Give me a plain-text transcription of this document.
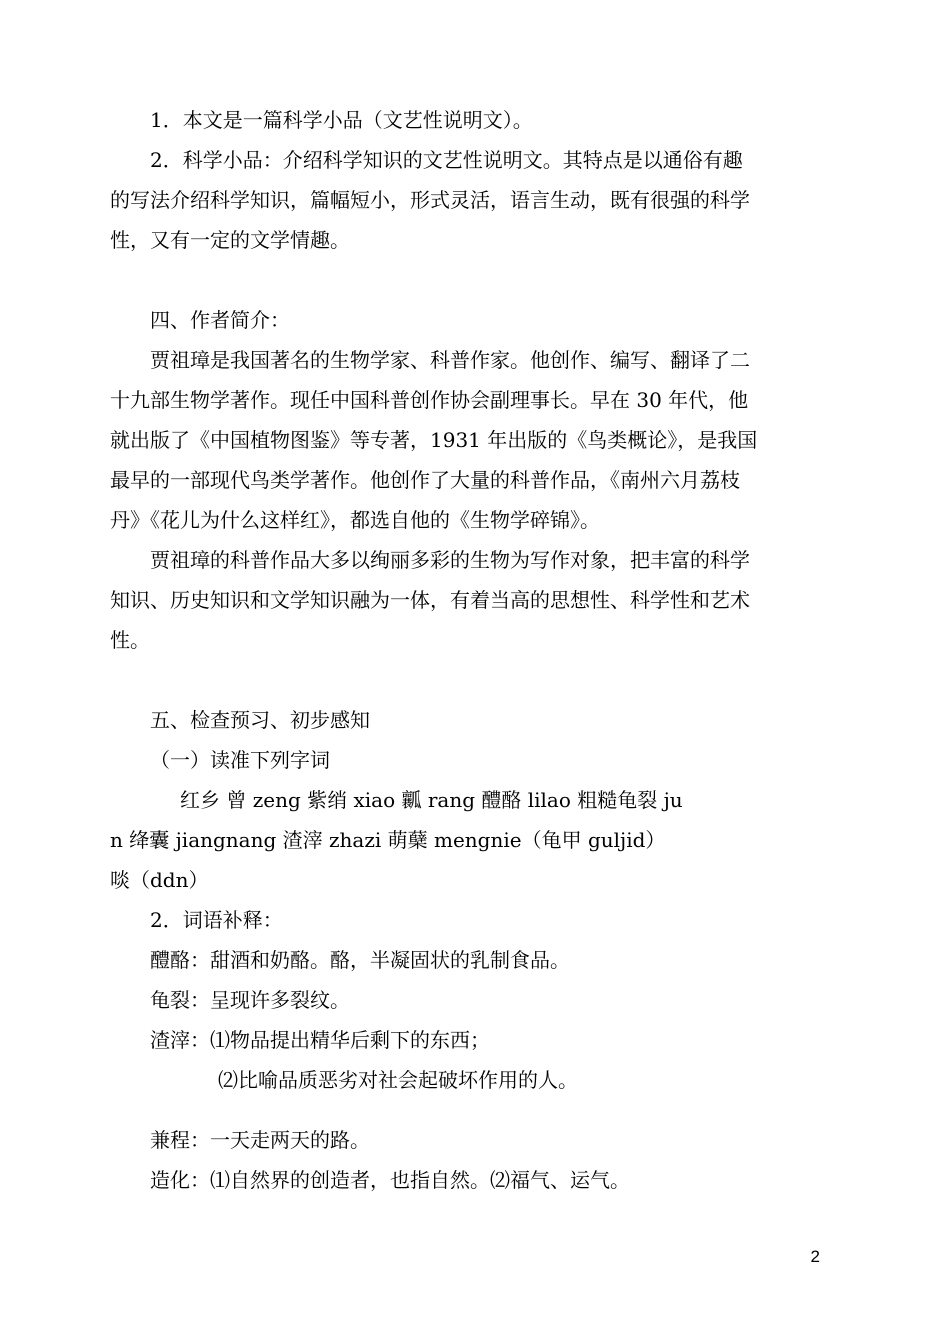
1．本文是一篇科学小品（文艺性说明文）。
2．科学小品：介绍科学知识的文艺性说明文。其特点是以通俗有趣
的写法介绍科学知识，篇幅短小，形式灵活，语言生动，既有很强的科学
性，又有一定的文学情趣。
四、作者简介：
贾祖璋是我国著名的生物学家、科普作家。他创作、编写、翻译了二
十九部生物学著作。现任中国科普创作协会副理事长。早在 30 年代，他
就出版了《中国植物图鉴》等专著，1931 年出版的《鸟类概论》，是我国
最早的一部现代鸟类学著作。他创作了大量的科普作品，《南州六月荔枝
丹》《花儿为什么这样红》，都选自他的《生物学碎锦》。
贾祖璋的科普作品大多以绚丽多彩的生物为写作对象，把丰富的科学
知识、历史知识和文学知识融为一体，有着当高的思想性、科学性和艺术
性。
五、检查预习、初步感知
（一）读准下列字词
红乡 曾 zeng 紫绡 xiao 瓤 rang 醴酪 lilao 粗糙龟裂 ju
n 绛囊 jiangnang 渣滓 zhazi 萌蘖 mengnie（龟甲 guljid）
啖（ddn）
2．词语补释：
醴酪：甜酒和奶酪。酪，半凝固状的乳制食品。
龟裂：呈现许多裂纹。
渣滓：⑴物品提出精华后剩下的东西；
⑵比喻品质恶劣对社会起破坏作用的人。
兼程：一天走两天的路。
造化：⑴自然界的创造者，也指自然。⑵福气、运气。
2
